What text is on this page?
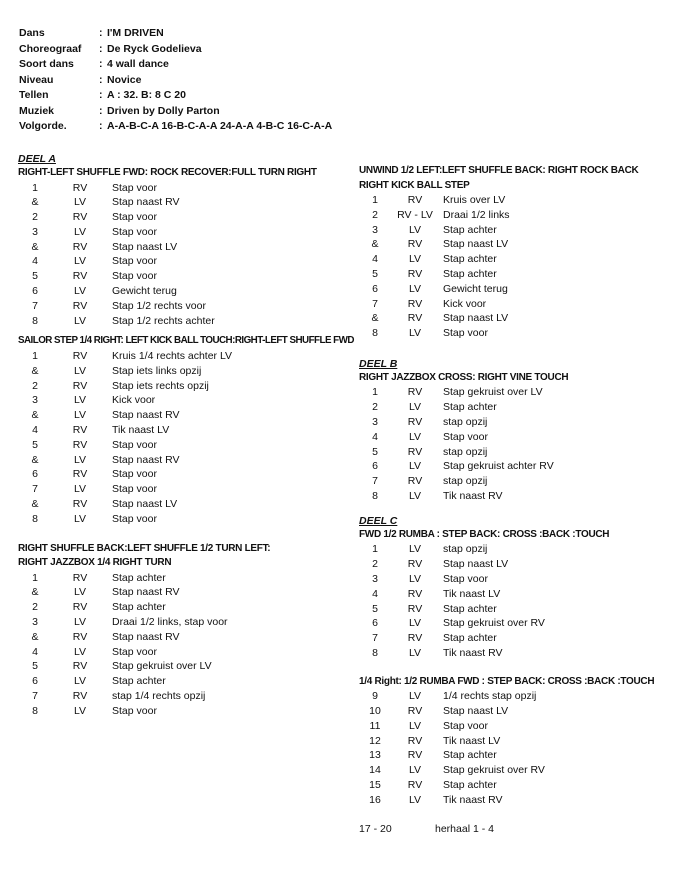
Dans	: I'M DRIVEN
Choreograaf : De Ryck Godelieva
Soort dans : 4 wall dance
Niveau	: Novice
Tellen	: A : 32. B: 8 C 20
Muziek	: Driven by Dolly Parton
Volgorde.	: A-A-B-C-A 16-B-C-A-A 24-A-A 4-B-C 16-C-A-A
DEEL A
RIGHT-LEFT SHUFFLE FWD: ROCK RECOVER:FULL TURN RIGHT
1	RV Stap voor
&	LV Stap naast RV
2	RV Stap voor
3	LV Stap voor
&	RV Stap naast LV
4	LV Stap voor
5	RV Stap voor
6	LV Gewicht terug
7	RV Stap 1/2 rechts voor
8	LV Stap 1/2 rechts achter
SAILOR STEP 1/4 RIGHT: LEFT KICK BALL TOUCH:RIGHT-LEFT SHUFFLE FWD
1	RV Kruis 1/4 rechts achter LV
&	LV Stap iets links opzij
2	RV Stap iets rechts opzij
3	LV Kick voor
&	LV Stap naast RV
4	RV Tik naast LV
5	RV Stap voor
&	LV Stap naast RV
6	RV Stap voor
7	LV Stap voor
&	RV Stap naast LV
8	LV Stap voor
RIGHT SHUFFLE BACK:LEFT SHUFFLE 1/2 TURN LEFT:
RIGHT JAZZBOX 1/4 RIGHT TURN
1	RV Stap achter
&	LV Stap naast RV
2	RV Stap achter
3	LV Draai 1/2 links, stap voor
&	RV Stap naast RV
4	LV Stap voor
5	RV Stap gekruist over LV
6	LV Stap achter
7	RV stap 1/4 rechts opzij
8	LV Stap voor
UNWIND 1/2 LEFT:LEFT SHUFFLE BACK: RIGHT ROCK BACK
RIGHT KICK BALL STEP
1	RV Kruis over LV
2 RV - LV Draai 1/2 links
3	LV Stap achter
&	RV Stap naast LV
4	LV Stap achter
5	RV Stap achter
6	LV Gewicht terug
7	RV Kick voor
&	RV Stap naast LV
8	LV Stap voor
DEEL B
RIGHT JAZZBOX CROSS: RIGHT VINE TOUCH
1	RV Stap gekruist over LV
2	LV Stap achter
3	RV stap opzij
4	LV Stap voor
5	RV stap opzij
6	LV Stap gekruist achter RV
7	RV stap opzij
8	LV Tik naast RV
DEEL C
FWD 1/2 RUMBA : STEP BACK: CROSS :BACK :TOUCH
1	LV stap opzij
2	RV Stap naast LV
3	LV Stap voor
4	RV Tik naast LV
5	RV Stap achter
6	LV Stap gekruist over RV
7	RV Stap achter
8	LV Tik naast RV
1/4 Right: 1/2 RUMBA FWD : STEP BACK: CROSS :BACK :TOUCH
9	LV 1/4 rechts stap opzij
10	RV Stap naast LV
11	LV Stap voor
12	RV Tik naast LV
13	RV Stap achter
14	LV Stap gekruist over RV
15	RV Stap achter
16	LV Tik naast RV
17 - 20	herhaal 1 - 4
